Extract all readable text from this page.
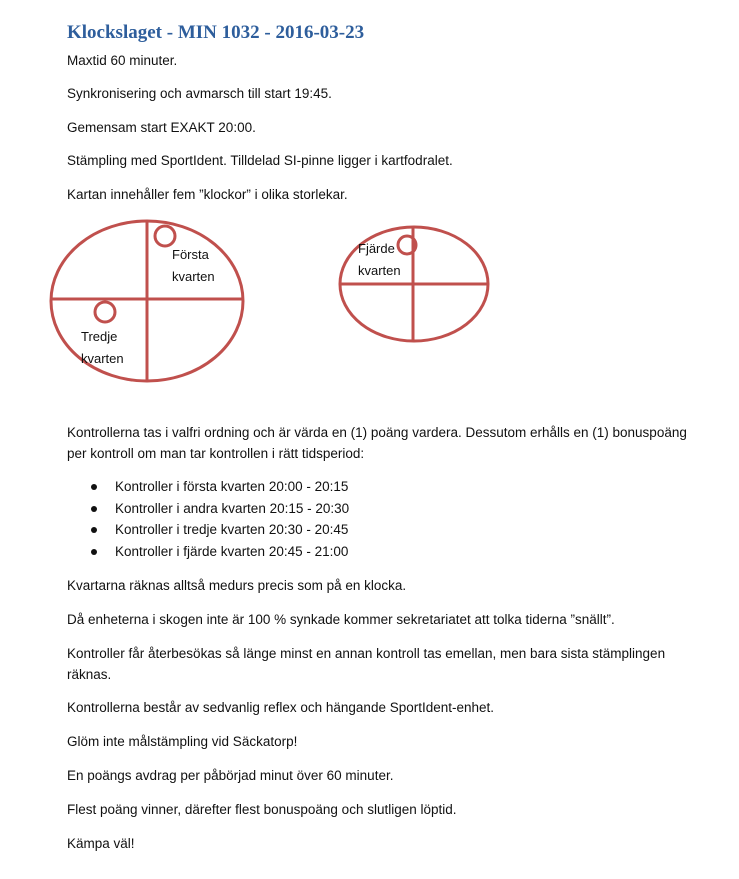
Klockslaget - MIN 1032 - 2016-03-23
Maxtid 60 minuter.
Synkronisering och avmarsch till start 19:45.
Gemensam start EXAKT 20:00.
Stämpling med SportIdent. Tilldelad SI-pinne ligger i kartfodralet.
Kartan innehåller fem ”klockor” i olika storlekar.
Första
kvarten
Tredje
kvarten
Fjärde
kvarten
Kontrollerna tas i valfri ordning och är värda en (1) poäng vardera. Dessutom erhålls en (1) bonuspoäng
per kontroll om man tar kontrollen i rätt tidsperiod:
Kontroller i första kvarten 20:00 - 20:15
Kontroller i andra kvarten 20:15 - 20:30
Kontroller i tredje kvarten 20:30 - 20:45
Kontroller i fjärde kvarten 20:45 - 21:00
Kvartarna räknas alltså medurs precis som på en klocka.
Då enheterna i skogen inte är 100 % synkade kommer sekretariatet att tolka tiderna ”snällt”.
Kontroller får återbesökas så länge minst en annan kontroll tas emellan, men bara sista stämplingen
räknas.
Kontrollerna består av sedvanlig reflex och hängande SportIdent-enhet.
Glöm inte målstämpling vid Säckatorp!
En poängs avdrag per påbörjad minut över 60 minuter.
Flest poäng vinner, därefter flest bonuspoäng och slutligen löptid.
Kämpa väl!
